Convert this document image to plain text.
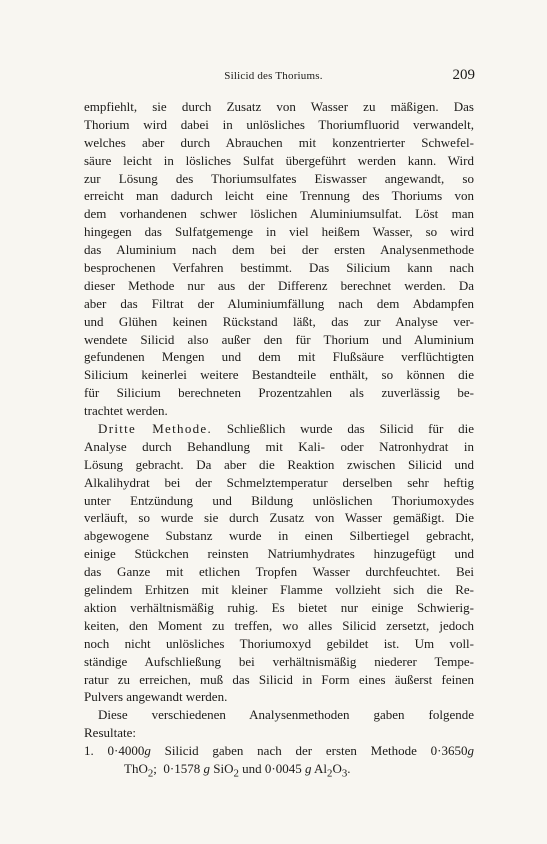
Silicid des Thoriums.	209
empfiehlt, sie durch Zusatz von Wasser zu mäßigen. Das
Thorium wird dabei in unlösliches Thoriumfluorid verwandelt,
welches aber durch Abrauchen mit konzentrierter Schwefel-
säure leicht in lösliches Sulfat übergeführt werden kann. Wird
zur Lösung des Thoriumsulfates Eiswasser angewandt, so
erreicht man dadurch leicht eine Trennung des Thoriums von
dem vorhandenen schwer löslichen Aluminiumsulfat. Löst man
hingegen das Sulfatgemenge in viel heißem Wasser, so wird
das Aluminium nach dem bei der ersten Analysenmethode
besprochenen Verfahren bestimmt. Das Silicium kann nach
dieser Methode nur aus der Differenz berechnet werden. Da
aber das Filtrat der Aluminiumfällung nach dem Abdampfen
und Glühen keinen Rückstand läßt, das zur Analyse ver-
wendete Silicid also außer den für Thorium und Aluminium
gefundenen Mengen und dem mit Flußsäure verflüchtigten
Silicium keinerlei weitere Bestandteile enthält, so können die
für Silicium berechneten Prozentzahlen als zuverlässig be-
trachtet werden.
Dritte Methode. Schließlich wurde das Silicid für die
Analyse durch Behandlung mit Kali- oder Natronhydrat in
Lösung gebracht. Da aber die Reaktion zwischen Silicid und
Alkalihydrat bei der Schmelztemperatur derselben sehr heftig
unter Entzündung und Bildung unlöslichen Thoriumoxydes
verläuft, so wurde sie durch Zusatz von Wasser gemäßigt. Die
abgewogene Substanz wurde in einen Silbertiegel gebracht,
einige Stückchen reinsten Natriumhydrates hinzugefügt und
das Ganze mit etlichen Tropfen Wasser durchfeuchtet. Bei
gelindem Erhitzen mit kleiner Flamme vollzieht sich die Re-
aktion verhältnismäßig ruhig. Es bietet nur einige Schwierig-
keiten, den Moment zu treffen, wo alles Silicid zersetzt, jedoch
noch nicht unlösliches Thoriumoxyd gebildet ist. Um voll-
ständige Aufschließung bei verhältnismäßig niederer Tempe-
ratur zu erreichen, muß das Silicid in Form eines äußerst feinen
Pulvers angewandt werden.
Diese verschiedenen Analysenmethoden gaben folgende
Resultate:
1. 0·4000g Silicid gaben nach der ersten Methode 0·3650g
ThO$_2$;  0·1578 g SiO$_2$ und 0·0045 g $Al_2O_3$.
